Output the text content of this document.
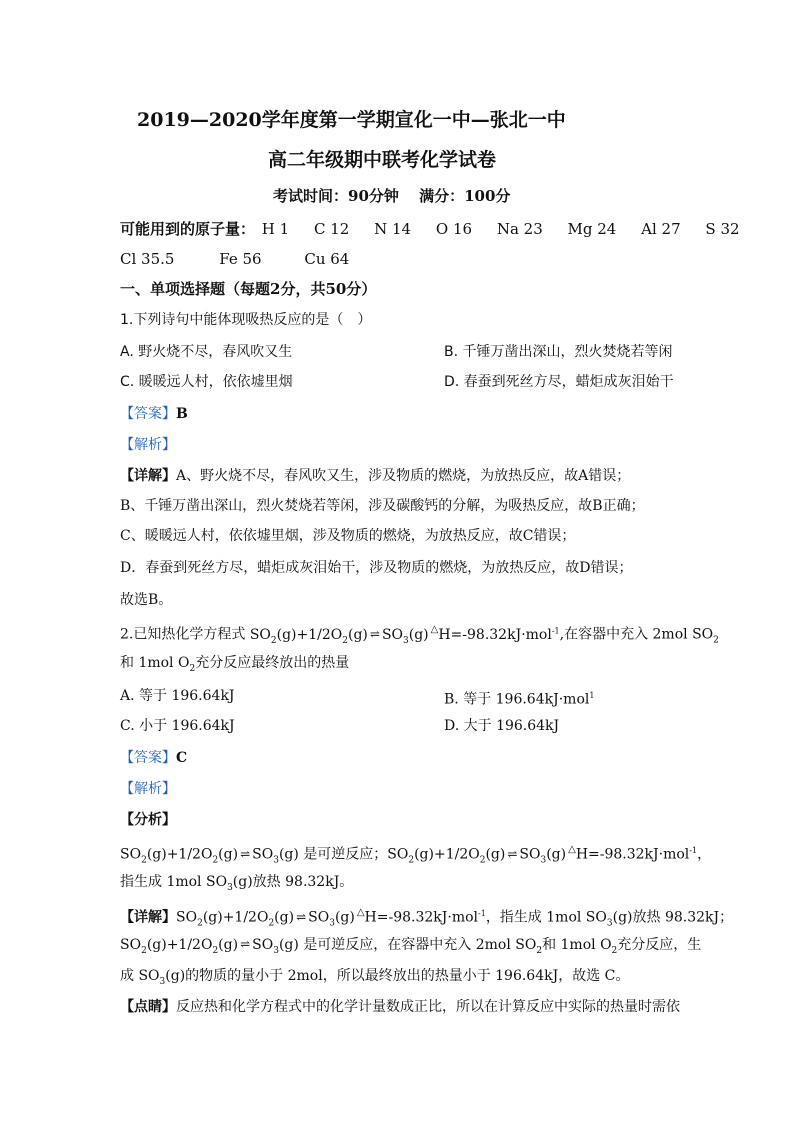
2019—2020学年度第一学期宣化一中—张北一中
高二年级期中联考化学试卷
考试时间：90分钟　 满分：100分
可能用到的原子量： H 1 C 12 N 14 O 16 Na 23 Mg 24 Al 27 S 32
Cl 35.5	Fe 56	Cu 64
一、单项选择题（每题2分，共50分）
1.下列诗句中能体现吸热反应的是（　）
A. 野火烧不尽，春风吹又生	B. 千锤万凿出深山，烈火焚烧若等闲
C. 暖暖远人村，依依墟里烟	D. 春蚕到死丝方尽，蜡炬成灰泪始干
【答案】B
【解析】
【详解】A、野火烧不尽，春风吹又生，涉及物质的燃烧，为放热反应，故A错误；
B、千锤万凿出深山，烈火焚烧若等闲，涉及碳酸钙的分解，为吸热反应，故B正确；
C、暖暖远人村，依依墟里烟，涉及物质的燃烧，为放热反应，故C错误；
D．春蚕到死丝方尽，蜡炬成灰泪始干，涉及物质的燃烧，为放热反应，故D错误；
故选B。
2.已知热化学方程式 $SO_2(g)+1/2O_2(g)$ ⇌ $SO_3(g)$ △H=-98.32kJ·mol$^{-1}$,在容器中充入 2mol $SO_2$
和 1mol $O_2$充分反应最终放出的热量
A. 等于 196.64kJ	B. 等于 196.64kJ·mol$^1$
C. 小于 196.64kJ	D. 大于 196.64kJ
【答案】C
【解析】
【分析】
$SO_2(g)+1/2O_2(g)$ ⇌ $SO_3(g)$ 是可逆反应；$SO_2(g)+1/2O_2(g)$ ⇌ $SO_3(g)$ △H=-98.32kJ·mol$^{-1}$，
指生成 1mol $SO_3(g)$放热 98.32kJ。
【详解】$SO_2(g)+1/2O_2(g)$ ⇌ $SO_3(g)$ △H=-98.32kJ·mol$^{-1}$，指生成 1mol $SO_3(g)$放热 98.32kJ；
$SO_2(g)+1/2O_2(g)$ ⇌ $SO_3(g)$ 是可逆反应，在容器中充入 2mol $SO_2$和 1mol $O_2$充分反应，生
成 $SO_3(g)$的物质的量小于 2mol，所以最终放出的热量小于 196.64kJ，故选 C。
【点睛】反应热和化学方程式中的化学计量数成正比，所以在计算反应中实际的热量时需依
